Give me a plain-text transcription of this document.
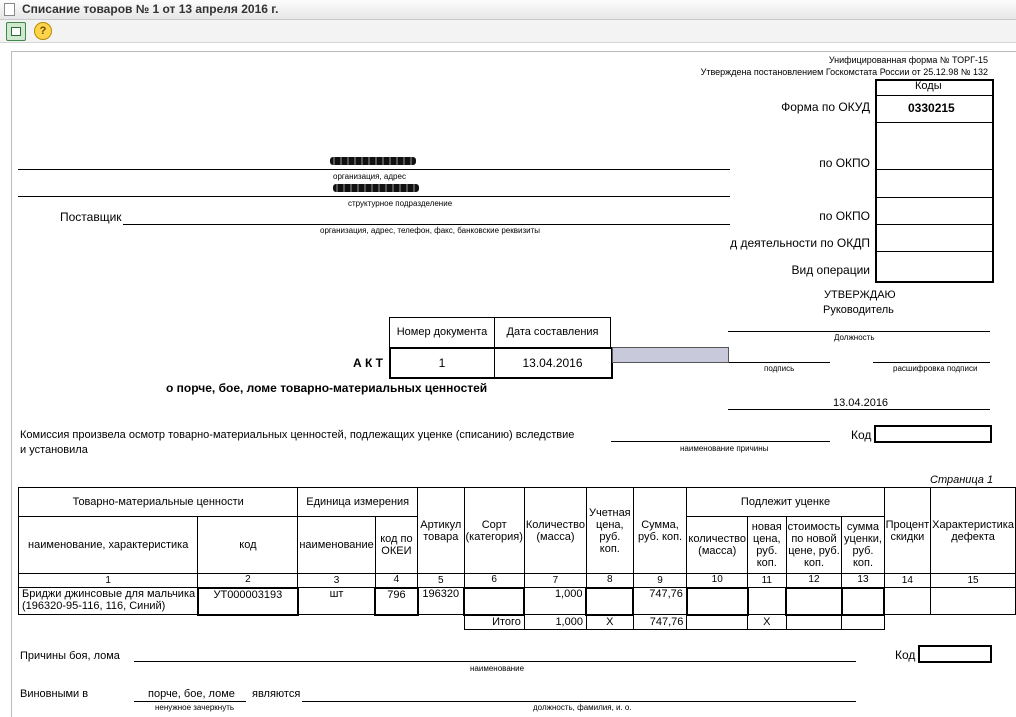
Списание товаров № 1 от 13 апреля 2016 г.
?
Унифицированная форма № ТОРГ-15
Утверждена постановлением Госкомстата России от 25.12.98 № 132
Коды
0330215
Форма по ОКУД
по ОКПО
по ОКПО
д деятельности по ОКДП
Вид операции
организация, адрес
структурное подразделение
Поставщик
организация, адрес, телефон, факс, банковские реквизиты
УТВЕРЖДАЮ
Руководитель
Должность
подпись	расшифровка подписи
13.04.2016
Номер документа	Дата составления
1	13.04.2016
А К Т
о порче, бое, ломе товарно-материальных ценностей
Комиссия произвела осмотр товарно-материальных ценностей, подлежащих уценке (списанию) вследствие
и установила	наименование причины
Код
Страница 1
Товарно-материальные ценности		Единица измерения		Артикул товара	Сорт (категория)	Количество (масса)	Учетная цена, руб. коп.	Сумма, руб. коп.	Подлежит уценке				Процент скидки	Характеристика дефекта
наименование, характеристика	код	наименование	код по ОКЕИ						количество (масса)	новая цена, руб. коп.	стоимость по новой цене, руб. коп.	сумма уценки, руб. коп.		
1	2	3	4	5	6	7	8	9	10	11	12	13	14	15
Бриджи джинсовые для мальчика (196320-95-116, 116, Синий)	УТ000003193	шт	796	196320		1,000		747,76						
					Итого	1,000	X	747,76		X				
Причины боя, лома
наименование
Код
Виновными в	порче, бое, ломе
ненужное зачеркнуть
являются
должность, фамилия, и. о.
